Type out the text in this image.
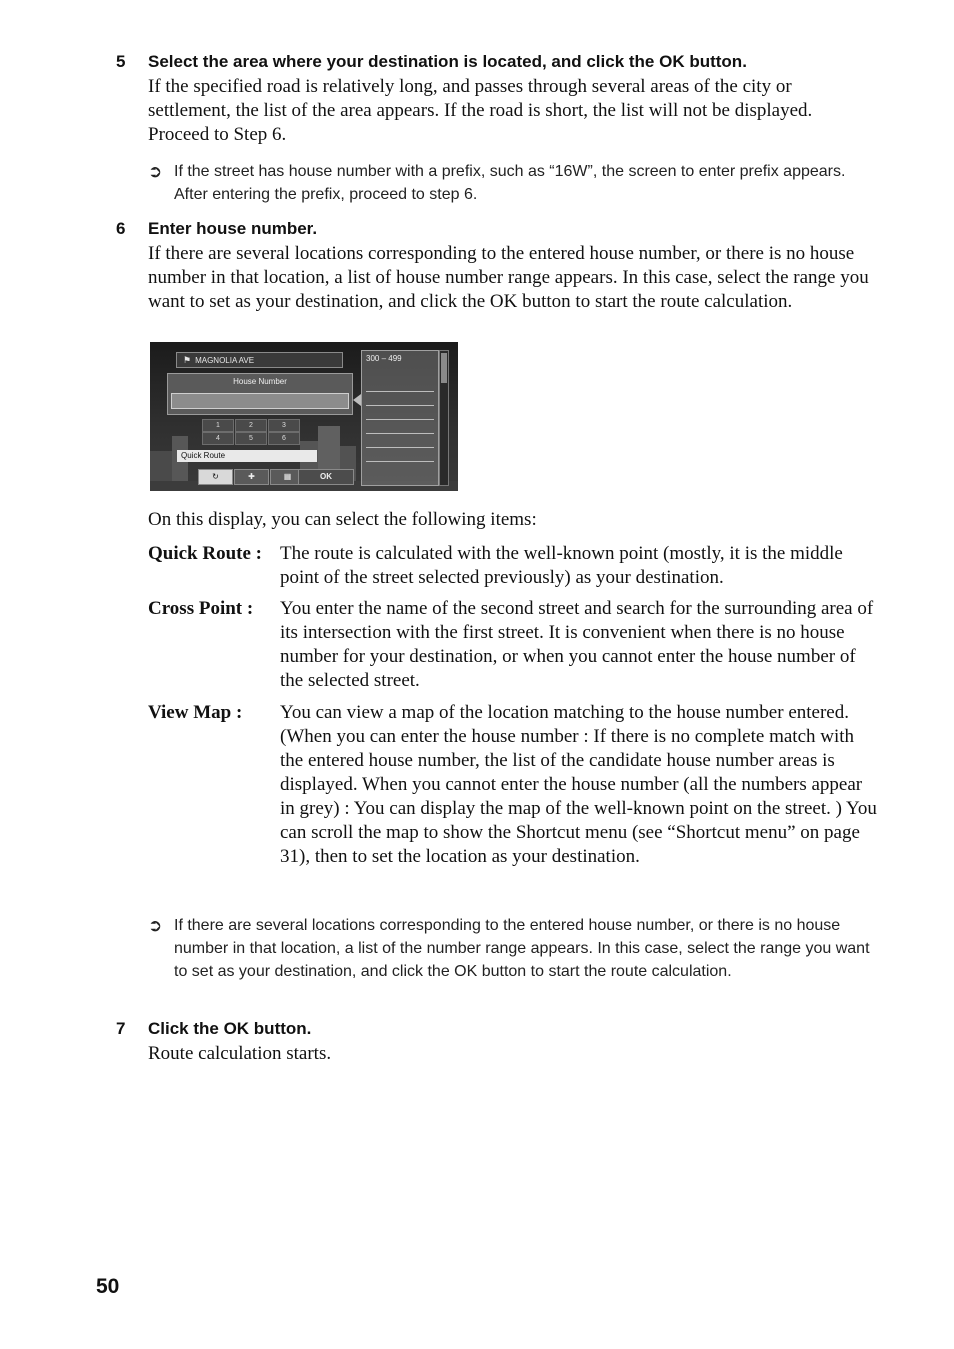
5 Select the area where your destination is located, and click the OK button.
If the specified road is relatively long, and passes through several areas of the city or settlement, the list of the area appears. If the road is short, the list will not be displayed. Proceed to Step 6.
➲ If the street has house number with a prefix, such as “16W”, the screen to enter prefix appears. After entering the prefix, proceed to step 6.
6 Enter house number.
If there are several locations corresponding to the entered house number, or there is no house number in that location, a list of house number range appears. In this case, select the range you want to set as your destination, and click the OK button to start the route calculation.
⚑ MAGNOLIA AVE
House Number
1	2	3
4	5	6
Quick Route
↻	✚	▦	OK
300 – 499
On this display, you can select the following items:
Quick Route : The route is calculated with the well-known point (mostly, it is the middle point of the street selected previously) as your destination.
Cross Point : You enter the name of the second street and search for the surrounding area of its intersection with the first street. It is convenient when there is no house number for your destination, or when you cannot enter the house number of the selected street.
View Map : You can view a map of the location matching to the house number entered. (When you can enter the house number : If there is no complete match with the entered house number, the list of the candidate house number areas is displayed. When you cannot enter the house number (all the numbers appear in grey) : You can display the map of the well-known point on the street. ) You can scroll the map to show the Shortcut menu (see “Shortcut menu” on page 31), then to set the location as your destination.
➲ If there are several locations corresponding to the entered house number, or there is no house number in that location, a list of the number range appears. In this case, select the range you want to set as your destination, and click the OK button to start the route calculation.
7 Click the OK button.
Route calculation starts.
50
